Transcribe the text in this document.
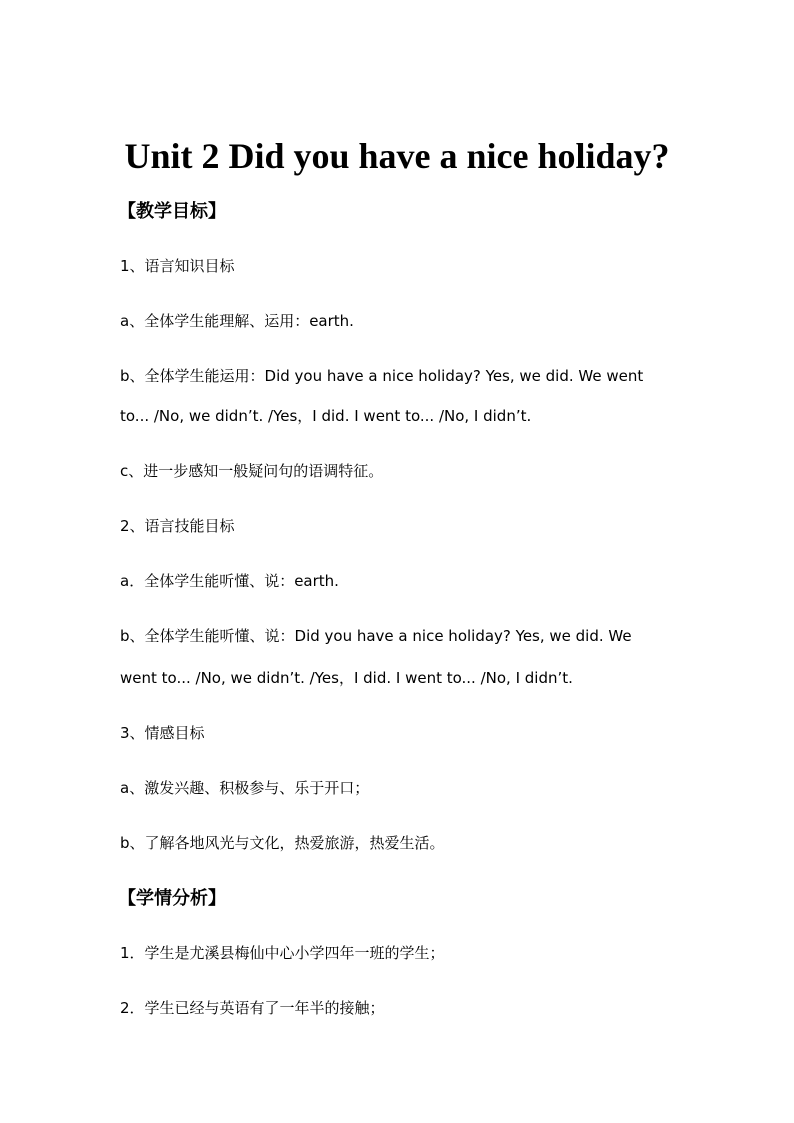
Unit 2 Did you have a nice holiday?
【教学目标】
1、语言知识目标
a、全体学生能理解、运用：earth.
b、全体学生能运用：Did you have a nice holiday? Yes, we did. We went
to... /No, we didn’t. /Yes，I did. I went to... /No, I didn’t.
c、进一步感知一般疑问句的语调特征。
2、语言技能目标
a．全体学生能听懂、说：earth.
b、全体学生能听懂、说：Did you have a nice holiday? Yes, we did. We
went to... /No, we didn’t. /Yes，I did. I went to... /No, I didn’t.
3、情感目标
a、激发兴趣、积极参与、乐于开口；
b、了解各地风光与文化，热爱旅游，热爱生活。
【学情分析】
1．学生是尤溪县梅仙中心小学四年一班的学生；
2．学生已经与英语有了一年半的接触；
